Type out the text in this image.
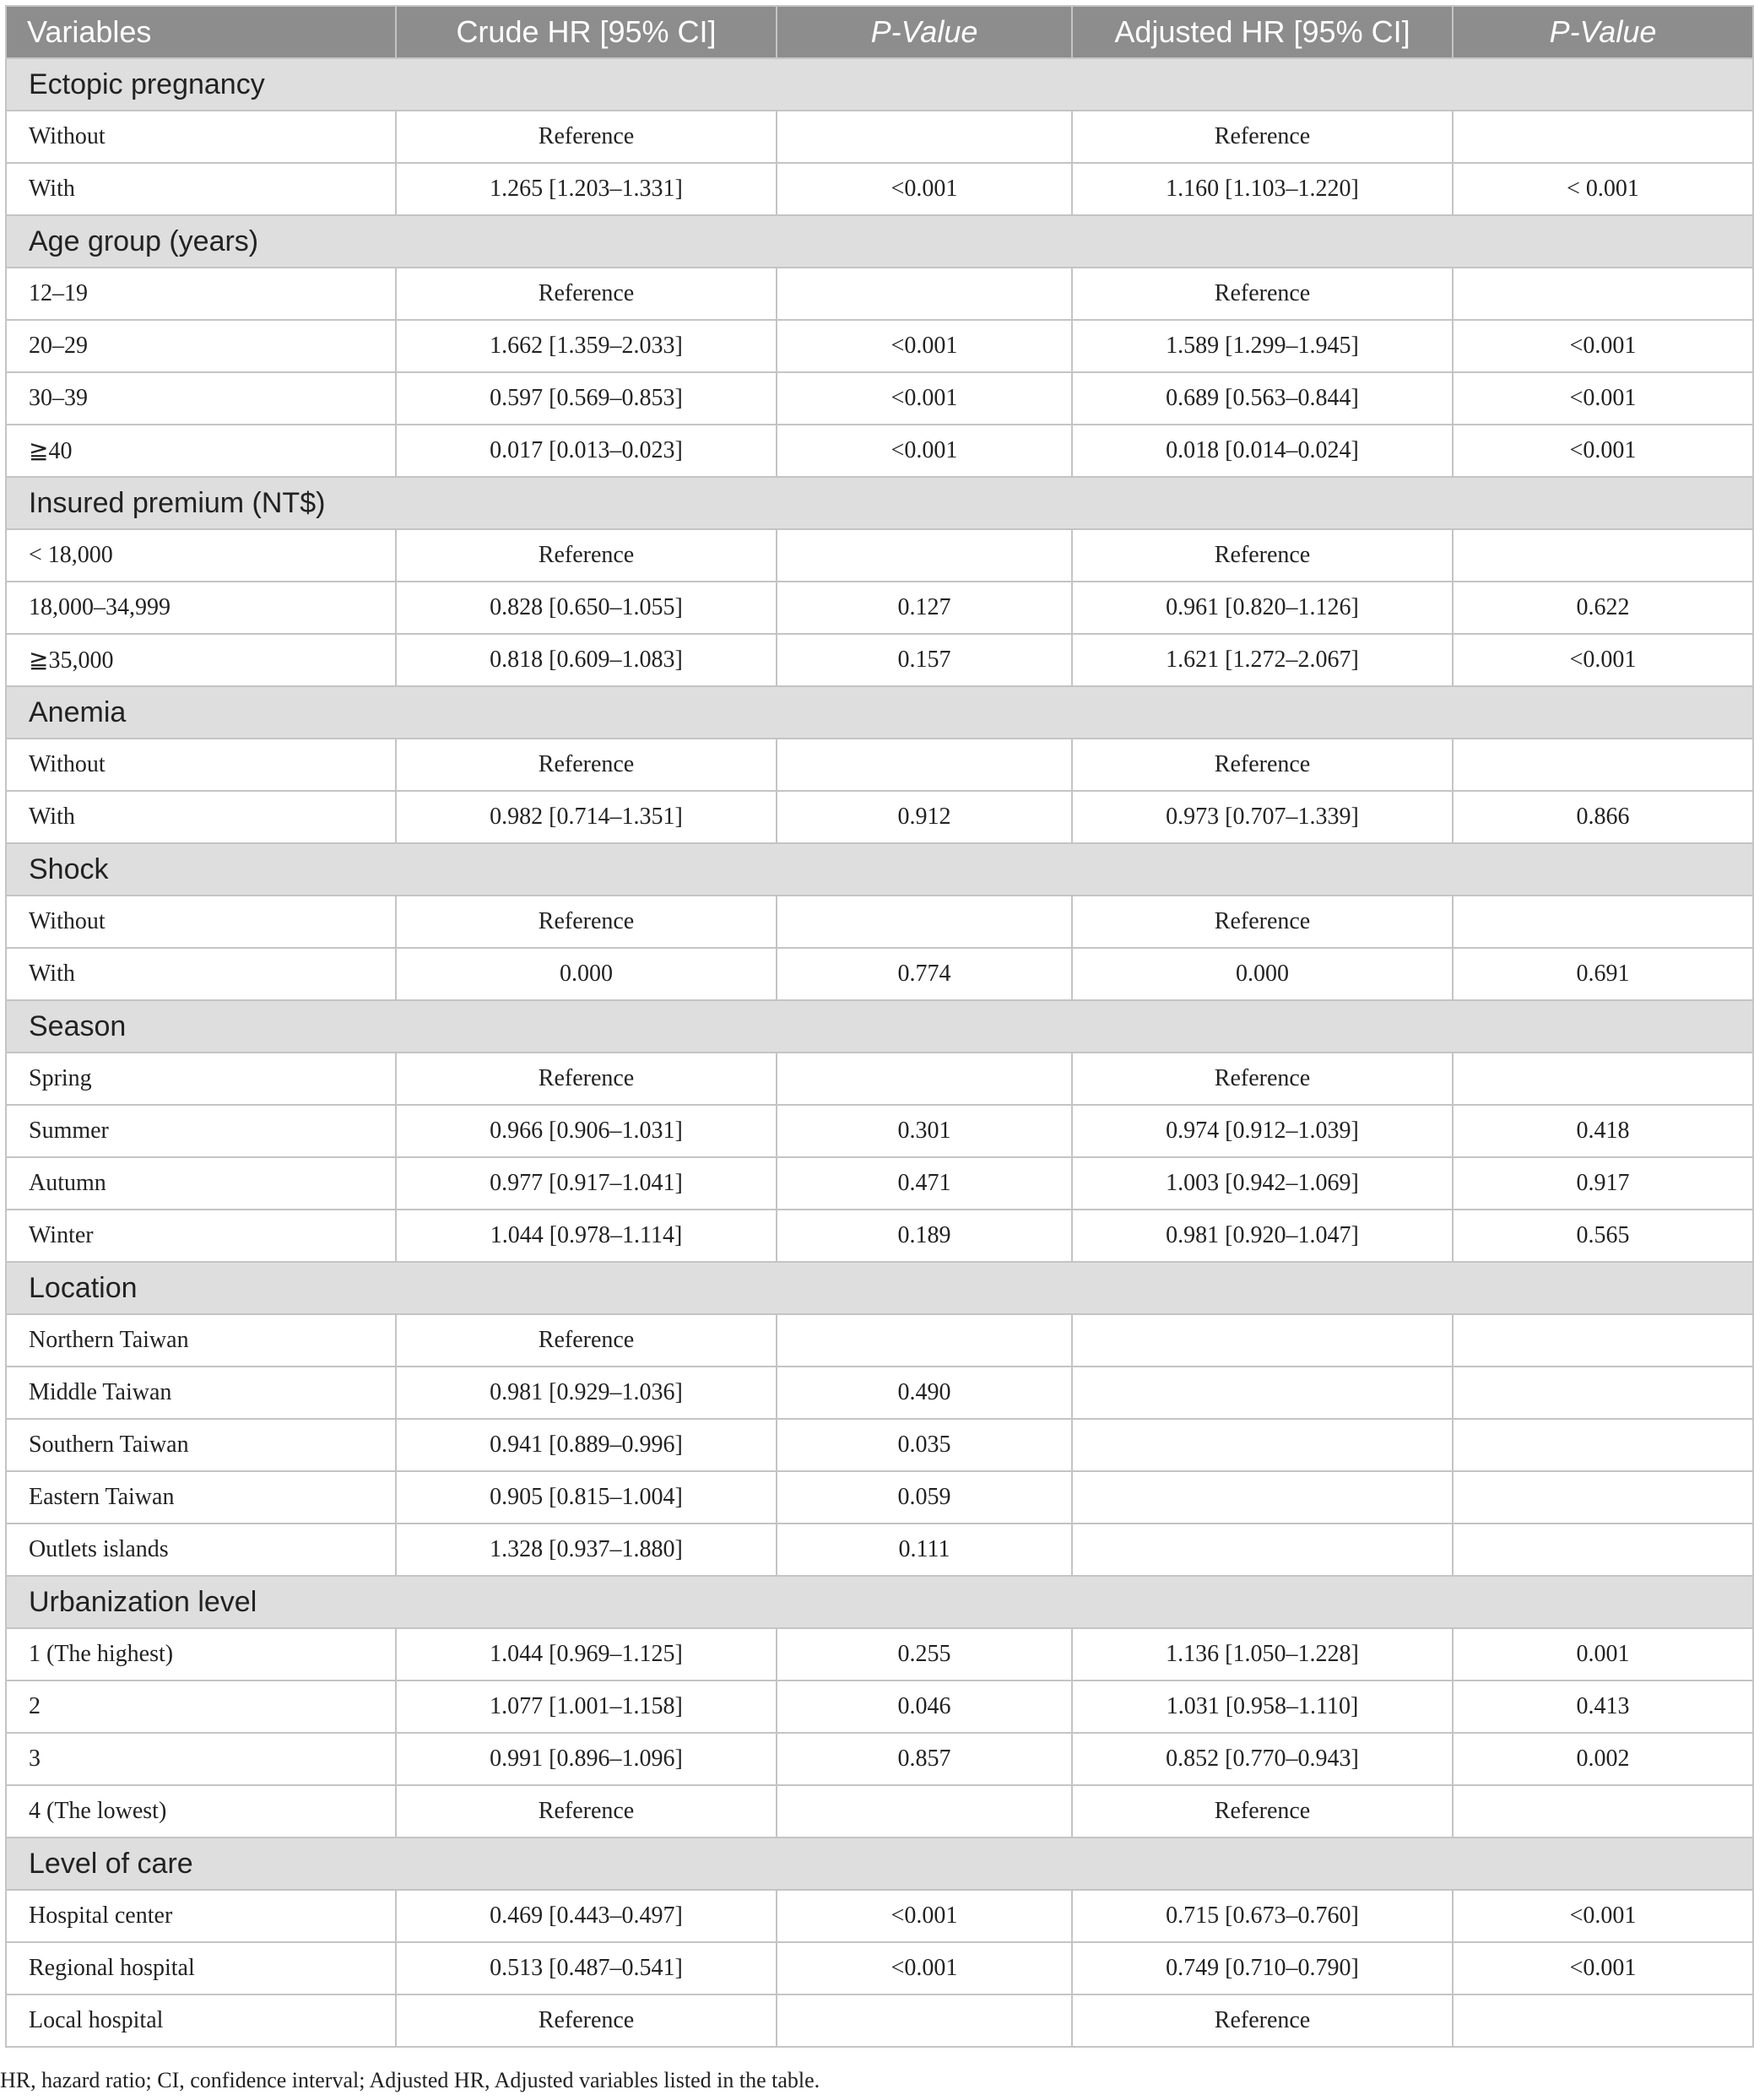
Variables	Crude HR [95% CI]	P-Value	Adjusted HR [95% CI]	P-Value
Ectopic pregnancy				
Without	Reference		Reference	
With	1.265 [1.203–1.331]	<0.001	1.160 [1.103–1.220]	< 0.001
Age group (years)				
12–19	Reference		Reference	
20–29	1.662 [1.359–2.033]	<0.001	1.589 [1.299–1.945]	<0.001
30–39	0.597 [0.569–0.853]	<0.001	0.689 [0.563–0.844]	<0.001
≧40	0.017 [0.013–0.023]	<0.001	0.018 [0.014–0.024]	<0.001
Insured premium (NT$)				
< 18,000	Reference		Reference	
18,000–34,999	0.828 [0.650–1.055]	0.127	0.961 [0.820–1.126]	0.622
≧35,000	0.818 [0.609–1.083]	0.157	1.621 [1.272–2.067]	<0.001
Anemia				
Without	Reference		Reference	
With	0.982 [0.714–1.351]	0.912	0.973 [0.707–1.339]	0.866
Shock				
Without	Reference		Reference	
With	0.000	0.774	0.000	0.691
Season				
Spring	Reference		Reference	
Summer	0.966 [0.906–1.031]	0.301	0.974 [0.912–1.039]	0.418
Autumn	0.977 [0.917–1.041]	0.471	1.003 [0.942–1.069]	0.917
Winter	1.044 [0.978–1.114]	0.189	0.981 [0.920–1.047]	0.565
Location				
Northern Taiwan	Reference			
Middle Taiwan	0.981 [0.929–1.036]	0.490		
Southern Taiwan	0.941 [0.889–0.996]	0.035		
Eastern Taiwan	0.905 [0.815–1.004]	0.059		
Outlets islands	1.328 [0.937–1.880]	0.111		
Urbanization level				
1 (The highest)	1.044 [0.969–1.125]	0.255	1.136 [1.050–1.228]	0.001
2	1.077 [1.001–1.158]	0.046	1.031 [0.958–1.110]	0.413
3	0.991 [0.896–1.096]	0.857	0.852 [0.770–0.943]	0.002
4 (The lowest)	Reference		Reference	
Level of care				
Hospital center	0.469 [0.443–0.497]	<0.001	0.715 [0.673–0.760]	<0.001
Regional hospital	0.513 [0.487–0.541]	<0.001	0.749 [0.710–0.790]	<0.001
Local hospital	Reference		Reference	
HR, hazard ratio; CI, confidence interval; Adjusted HR, Adjusted variables listed in the table.
